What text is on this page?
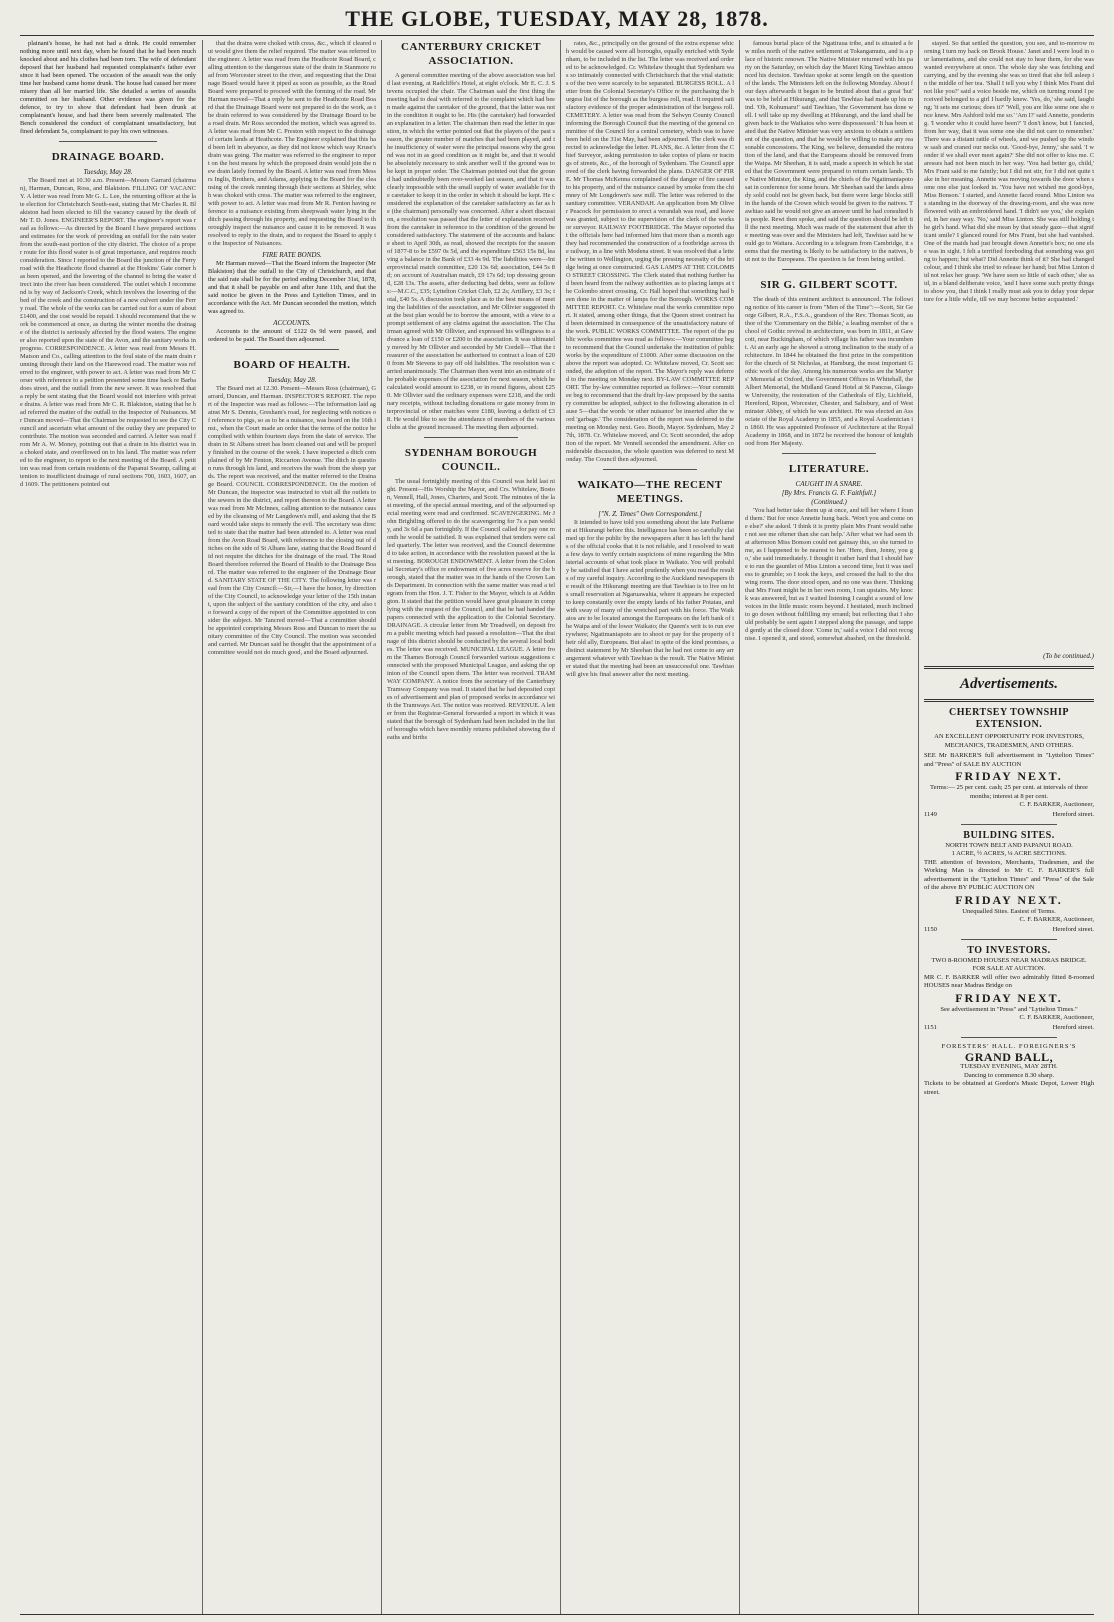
THE GLOBE, TUESDAY, MAY 28, 1878.
plainant's house, he had not had a drink. He could remember nothing more until next day, when he found that he had been much knocked about and his clothes had been torn. The wife of defendant deposed that her husband had requested complainant's father ever since it had been opened. The occasion of the assault was the only time her husband came home drunk. The house had caused her more misery than all her married life. She detailed a series of assaults committed on her husband. Other evidence was given for the defence, to try to show that defendant had been drunk at complainant's house, and had there been severely maltreated. The Bench considered the conduct of complainant unsatisfactory, but fined defendant 5s, complainant to pay his own witnesses.
DRAINAGE BOARD.
Tuesday, May 28.
The Board met at 10.30 a.m. Present—Messrs Garrard (chairman), Harman, Duncan, Ross, and Blakiston. FILLING OF VACANCY. A letter was read from Mr G. L. Lee, the returning officer at the late election for Christchurch South-east, stating that Mr Charles R. Blakiston had been elected to fill the vacancy caused by the death of Mr T. D. Jones. ENGINEER'S REPORT. The engineer's report was read as follows:—As directed by the Board I have prepared sections and estimates for the work of providing an outfall for the rain water from the south-east portion of the city district. The choice of a proper route for this flood water is of great importance, and requires much consideration. Since I reported to the Board the junction of the Ferry road with the Heathcote flood channel at the Hoskins' Gate corner has been opened, and the lowering of the channel to bring the water direct into the river has been considered. The outlet which I recommend is by way of Jackson's Creek, which involves the lowering of the bed of the creek and the construction of a new culvert under the Ferry road. The whole of the works can be carried out for a sum of about £1400, and the cost would be repaid. I should recommend that the work be commenced at once, as during the winter months the drainage of the district is seriously affected by the flood waters. The engineer also reported upon the state of the Avon, and the sanitary works in progress. CORRESPONDENCE. A letter was read from Messrs H. Matson and Co., calling attention to the foul state of the main drain running through their land on the Harewood road. The matter was referred to the engineer, with power to act. A letter was read from Mr Corser with reference to a petition presented some time back re Barbadoes street, and the outfall from the new sewer. It was resolved that a reply be sent stating that the Board would not interfere with private drains. A letter was read from Mr C. R. Blakiston, stating that he had referred the matter of the outfall to the Inspector of Nuisances. Mr Duncan moved—That the Chairman be requested to see the City Council and ascertain what amount of the outlay they are prepared to contribute. The motion was seconded and carried. A letter was read from Mr A. W. Money, pointing out that a drain in his district was in a choked state, and overflowed on to his land. The matter was referred to the engineer, to report to the next meeting of the Board. A petition was read from certain residents of the Papanui Swamp, calling attention to insufficient drainage of rural sections 700, 1603, 1607, and 1609. The petitioners pointed out
that the drains were choked with cress, &c., which if cleared out would give them the relief required. The matter was referred to the engineer. A letter was read from the Heathcote Road Board, calling attention to the dangerous state of the drain in Stanmore road from Worcester street to the river, and requesting that the Drainage Board would have it piped as soon as possible, as the Road Board were prepared to proceed with the forming of the road. Mr Harman moved—That a reply be sent to the Heathcote Road Board that the Drainage Board were not prepared to do the work, as the drain referred to was considered by the Drainage Board to be a road drain. Mr Ross seconded the motion, which was agreed to. A letter was read from Mr C. Preston with respect to the drainage of certain lands at Heathcote. The Engineer explained that this had been left in abeyance, as they did not know which way Kruse's drain was going. The matter was referred to the engineer to report on the best means by which the proposed drain would join the new drain lately formed by the Board. A letter was read from Messrs Inglis, Brothers, and Adams, applying to the Board for the cleansing of the creek running through their sections at Shirley, which was choked with cress. The matter was referred to the engineer, with power to act. A letter was read from Mr R. Fenton having reference to a nuisance existing from sheepwash water lying in the ditch passing through his property, and requesting the Board to thoroughly inspect the nuisance and cause it to be removed. It was resolved to reply to the drain, and to request the Board to apply to the Inspector of Nuisances.
FIRE RATE BONDS.
Mr Harman moved—That the Board inform the Inspector (Mr Blakiston) that the outfall to the City of Christchurch, and that the said rate shall be for the period ending December 31st, 1878, and that it shall be payable on and after June 11th, and that the said notice be given in the Press and Lyttelton Times, and in accordance with the Act. Mr Duncan seconded the motion, which was agreed to.
ACCOUNTS.
Accounts to the amount of £122 0s 9d were passed, and ordered to be paid. The Board then adjourned.
BOARD OF HEALTH.
Tuesday, May 28.
The Board met at 12.30. Present—Messrs Ross (chairman), Garrard, Duncan, and Harman. INSPECTOR'S REPORT. The report of the Inspector was read as follows:—The information laid against Mr S. Dennis, Gresham's road, for neglecting with notices of reference to pigs, so as to be a nuisance, was heard on the 16th inst., when the Court made an order that the terms of the notice be complied with within fourteen days from the date of service. The drain in St Albans street has been cleaned out and will be properly finished in the course of the week. I have inspected a ditch complained of by Mr Fenton, Riccarton Avenue. The ditch in question runs through his land, and receives the wash from the sheep yards. The report was received, and the matter referred to the Drainage Board. COUNCIL CORRESPONDENCE. On the motion of Mr Duncan, the inspector was instructed to visit all the outlets to the sewers in the district, and report thereon to the Board. A letter was read from Mr McInnes, calling attention to the nuisance caused by the cleansing of Mr Langdown's mill, and asking that the Board would take steps to remedy the evil. The secretary was directed to state that the matter had been attended to. A letter was read from the Avon Road Board, with reference to the closing out of ditches on the side of St Albans lane, stating that the Road Board did not require the ditches for the drainage of the road. The Road Board therefore referred the Board of Health to the Drainage Board. The matter was referred to the engineer of the Drainage Board. SANITARY STATE OF THE CITY. The following letter was read from the City Council:—Sir,—I have the honor, by direction of the City Council, to acknowledge your letter of the 15th instant, upon the subject of the sanitary condition of the city, and also to forward a copy of the report of the Committee appointed to consider the subject. Mr Tancred moved—That a committee should be appointed comprising Messrs Ross and Duncan to meet the sanitary committee of the City Council. The motion was seconded and carried. Mr Duncan said he thought that the appointment of a committee would not do much good, and the Board adjourned.
CANTERBURY CRICKET ASSOCIATION.
A general committee meeting of the above association was held last evening, at Radcliffe's Hotel, at eight o'clock. Mr E. C. J. Stevens occupied the chair. The Chairman said the first thing the meeting had to deal with referred to the complaint which had been made against the caretaker of the ground, that the latter was not in the condition it ought to be. His (the caretaker) had forwarded an explanation in a letter. The chairman then read the letter in question, in which the writer pointed out that the players of the past season, the greater number of matches that had been played, and the insufficiency of water were the principal reasons why the ground was not in as good condition as it might be, and that it would be absolutely necessary to sink another well if the ground was to be kept in proper order. The Chairman pointed out that the ground had undoubtedly been over-worked last season, and that it was clearly impossible with the small supply of water available for the caretaker to keep it in the order in which it should be kept. He considered the explanation of the caretaker satisfactory as far as he (the chairman) personally was concerned. After a short discussion, a resolution was passed that the letter of explanation received from the caretaker in reference to the condition of the ground be considered satisfactory. The statement of the accounts and balance sheet to April 30th, as read, showed the receipts for the season of 1877-8 to be £597 0s 5d, and the expenditure £563 15s 8d, leaving a balance in the Bank of £33 4s 9d. The liabilities were—Interprovincial match committee, £20 13s 6d; association, £44 5s 8d; on account of Australian match, £9 17s 6d; top dressing ground, £28 13s. The assets, after deducting bad debts, were as follows:—M.C.C., £35; Lyttelton Cricket Club, £2 2s; Artillery, £3 3s; total, £40 5s. A discussion took place as to the best means of meeting the liabilities of the association, and Mr Ollivier suggested that the best plan would be to borrow the amount, with a view to a prompt settlement of any claims against the association. The Chairman agreed with Mr Ollivier, and expressed his willingness to advance a loan of £150 or £200 to the association. It was ultimately moved by Mr Ollivier and seconded by Mr Cordell—That the treasurer of the association be authorised to contract a loan of £200 from Mr Stevens to pay off old liabilities. The resolution was carried unanimously. The Chairman then went into an estimate of the probable expenses of the association for next season, which he calculated would amount to £238, or in round figures, about £250. Mr Ollivier said the ordinary expenses were £218, and the ordinary receipts, without including donations or gate money from interprovincial or other matches were £180, leaving a deficit of £38. He would like to see the attendance of members of the various clubs at the ground increased. The meeting then adjourned.
SYDENHAM BOROUGH COUNCIL.
The usual fortnightly meeting of this Council was held last night. Present—His Worship the Mayor, and Crs. Whitelaw, Boston, Vennell, Hall, Jones, Charters, and Scott. The minutes of the last meeting, of the special annual meeting, and of the adjourned special meeting were read and confirmed. SCAVENGERING. Mr John Brightling offered to do the scavengering for 7s a pan weekly, and 3s 6d a pan fortnightly. If the Council called for pay one month he would be satisfied. It was explained that tenders were called quarterly. The letter was received, and the Council determined to take action, in accordance with the resolution passed at the last meeting. BOROUGH ENDOWMENT. A letter from the Colonial Secretary's office re endowment of five acres reserve for the borough, stated that the matter was in the hands of the Crown Lands Department. In connection with the same matter was read a telegram from the Hon. J. T. Fisher to the Mayor, which is at Addington. It stated that the petition would have great pleasure in complying with the request of the Council, and that he had handed the papers connected with the application to the Colonial Secretary. DRAINAGE. A circular letter from Mr Treadwell, on deposit from a public meeting which had passed a resolution—That the drainage of this district should be conducted by the several local bodies. The letter was received. MUNICIPAL LEAGUE. A letter from the Thames Borough Council forwarded various suggestions connected with the proposed Municipal League, and asking the opinion of the Council upon them. The letter was received. TRAMWAY COMPANY. A notice from the secretary of the Canterbury Tramway Company was read. It stated that he had deposited copies of advertisement and plan of proposed works in accordance with the Tramways Act. The notice was received. REVENUE. A letter from the Registrar-General forwarded a report in which it was stated that the borough of Sydenham had been included in the list of boroughs which have monthly returns published showing the deaths and births
rates, &c., principally on the ground of the extra expense which would be caused were all boroughs, equally enriched with Sydenham, to be included in the list. The letter was received and ordered to be acknowledged. Cr. Whitelaw thought that Sydenham was so intimately connected with Christchurch that the vital statistics of the two were scarcely to be separated. BURGESS ROLL. A letter from the Colonial Secretary's Office re the purchasing the burgess list of the borough as the burgess roll, read. It required satisfactory evidence of the proper administration of the burgess roll. CEMETERY. A letter was read from the Selwyn County Council informing the Borough Council that the meeting of the general committee of the Council for a central cemetery, which was to have been held on the 31st May, had been adjourned. The clerk was directed to acknowledge the letter. PLANS, &c. A letter from the Chief Surveyor, asking permission to take copies of plans or tracings of streets, &c., of the borough of Sydenham. The Council approved of the clerk having forwarded the plans. DANGER OF FIRE. Mr Thomas McKenna complained of the danger of fire caused to his property, and of the nuisance caused by smoke from the chimney of Mr Longdown's saw mill. The letter was referred to the sanitary committee. VERANDAH. An application from Mr Oliver Peacock for permission to erect a verandah was read, and leave was granted, subject to the supervision of the clerk of the works or surveyor. RAILWAY FOOTBRIDGE. The Mayor reported that the officials here had informed him that more than a month ago they had recommended the construction of a footbridge across the railway, in a line with Modena street. It was resolved that a letter be written to Wellington, urging the pressing necessity of the bridge being at once constructed. GAS LAMPS AT THE COLOMBO STREET CROSSING. The Clerk stated that nothing further had been heard from the railway authorities as to placing lamps at the Colombo street crossing. Cr. Hall hoped that something had been done in the matter of lamps for the Borough. WORKS COMMITTEE REPORT. Cr. Whitelaw read the works committee report. It stated, among other things, that the Queen street contract had been determined in consequence of the unsatisfactory nature of the work. PUBLIC WORKS COMMITTEE. The report of the public works committee was read as follows:—Your committee beg to recommend that the Council undertake the institution of public works by the expenditure of £1000. After some discussion on the above the report was adopted. Cr. Whitelaw moved, Cr. Scott seconded, the adoption of the report. The Mayor's reply was deferred to the meeting on Monday next. BY-LAW COMMITTEE REPORT. The by-law committee reported as follows:—Your committee beg to recommend that the draft by-law proposed by the sanitary committee be adopted, subject to the following alteration in clause 5—that the words 'or other nuisance' be inserted after the word 'garbage.' The consideration of the report was deferred to the meeting on Monday next. Geo. Booth, Mayor. Sydenham, May 27th, 1878. Cr. Whitelaw moved, and Cr. Scott seconded, the adoption of the report. Mr Vennell seconded the amendment. After considerable discussion, the whole question was deferred to next Monday. The Council then adjourned.
WAIKATO—THE RECENT MEETINGS.
["N. Z. Times" Own Correspondent.]
It intended to have told you something about the late Parliament at Hikurangi before this. Intelligence has been so carefully claimed up for the public by the newspapers after it has left the hands of the official cooks that it is not reliable, and I resolved to wait a few days to verify certain suspicions of mine regarding the Ministerial accounts of what took place in Waikato. You will probably be satisfied that I have acted prudently when you read the results of my careful inquiry. According to the Auckland newspapers the result of the Hikurangi meeting are that Tawhiao is to live on his small reservation at Ngaruawahia, where it appears he expected to keep constantly over the empty lands of his father Potatau, and with sway of many of the wretched part with his force. The Waikatos are to be located amongst the Europeans on the left bank of the Waipa and of the lower Waikato; the Queen's writ is to run everywhere; Ngatimaniapoto are to shoot or pay for the property of their old ally, Europeans. But alas! in spite of the kind promises, a distinct statement by Mr Sheehan that he had not come to any arrangement whatever with Tawhiao is the result. The Native Minister stated that the meeting had been an unsuccessful one. Tawhiao will give his final answer after the next meeting.
famous burial place of the Ngatiraua tribe, and is situated a few miles north of the native settlement at Tokangamutu, and is a place of historic renown. The Native Minister returned with his party on the Saturday, on which day the Maori King Tawhiao announced his decision. Tawhiao spoke at some length on the question of the lands. The Ministers left on the following Monday. About four days afterwards it began to be bruited about that a great 'hui' was to be held at Hikurangi, and that Tawhiao had made up his mind. 'Oh, Kohumaru!' said Tawhiao, 'the Government has done well. I will take up my dwelling at Hikurangi, and the land shall be given back to the Waikatos who were dispossessed.' It has been stated that the Native Minister was very anxious to obtain a settlement of the question, and that he would be willing to make any reasonable concessions. The King, we believe, demanded the restoration of the land, and that the Europeans should be removed from the Waipa. Mr Sheehan, it is said, made a speech in which he stated that the Government were prepared to return certain lands. The Native Minister, the King, and the chiefs of the Ngatimaniapoto sat in conference for some hours. Mr Sheehan said the lands already sold could not be given back, but there were large blocks still in the hands of the Crown which would be given to the natives. Tawhiao said he would not give an answer until he had consulted his people. Rewi then spoke, and said the question should be left till the next meeting. Much was made of the statement that after the meeting was over and the Ministers had left, Tawhiao said he would go to Waitara. According to a telegram from Cambridge, it seems that the meeting is likely to be satisfactory to the natives, but not to the Europeans. The question is far from being settled.
SIR G. GILBERT SCOTT.
The death of this eminent architect is announced. The following notice of his career is from "Men of the Time":—Scott, Sir George Gilbert, R.A., F.S.A., grandson of the Rev. Thomas Scott, author of the 'Commentary on the Bible,' a leading member of the school of Gothic revival in architecture, was born in 1811, at Gawcott, near Buckingham, of which village his father was incumbent. At an early age he showed a strong inclination to the study of architecture. In 1844 he obtained the first prize in the competition for the church of St Nicholas, at Hamburg, the most important Gothic work of the day. Among his numerous works are the Martyrs' Memorial at Oxford, the Government Offices in Whitehall, the Albert Memorial, the Midland Grand Hotel at St Pancras, Glasgow University, the restoration of the Cathedrals of Ely, Lichfield, Hereford, Ripon, Worcester, Chester, and Salisbury, and of Westminster Abbey, of which he was architect. He was elected an Associate of the Royal Academy in 1855, and a Royal Academician in 1860. He was appointed Professor of Architecture at the Royal Academy in 1868, and in 1872 he received the honour of knighthood from Her Majesty.
LITERATURE.
CAUGHT IN A SNARE.
[By Mrs. Francis G. F. Faithfull.]
(Continued.)
'You had better take them up at once, and tell her where I found them.' But for once Annette hung back. 'Won't you and come one else?' she asked. 'I think it is pretty plain Mrs Frant would rather not see me oftener than she can help.' After what we had seen that afternoon Miss Bonson could not gainsay this, so she turned to me, as I happened to be nearest to her. 'Here, then, Jenny, you go,' she said immediately. I thought it rather hard that I should have to run the gauntlet of Miss Linton a second time, but it was useless to grumble; so I took the keys, and crossed the hall to the drawing room. The door stood open, and no one was there. Thinking that Mrs Frant might be in her own room, I ran upstairs. My knock was answered, but as I waited listening I caught a sound of low voices in the little music room beyond. I hesitated, much inclined to go down without fulfilling my errand; but reflecting that I should probably be sent again I stepped along the passage, and tapped gently at the closed door. 'Come in,' said a voice I did not recognise. I opened it, and stood, somewhat abashed, on the threshold.
stayed. So that settled the question, you see, and to-morrow morning I turn my back on Brook House.' Janet and I were loud in our lamentations, and she could not stay to hear them, for she was wanted everywhere at once. The whole day she was fetching and carrying, and by the evening she was so tired that she fell asleep in the middle of her tea. 'Shall I tell you why I think Mrs Frant did not like you?' said a voice beside me, which on turning round I perceived belonged to a girl I hardly knew. 'Yes, do,' she said, laughing; 'it sets me curious; does it?' 'Well, you are like some one she once knew. Mrs Ashford told me so.' 'Am I?' said Annette, pondering. 'I wonder who it could have been?' 'I don't know, but I fancied, from her way, that it was some one she did not care to remember.' There was a distant rattle of wheels, and we pushed up the window sash and craned our necks out. 'Good-bye, Jenny,' she said. 'I wonder if we shall ever meet again?' She did not offer to kiss me. Caresses had not been much in her way. 'You had better go, child,' Mrs Frant said to me faintly; but I did not stir, for I did not quite take in her meaning. Annette was moving towards the door when some one else just looked in. 'You have not wished me good-bye, Miss Bonson.' I started, and Annette faced round. Miss Linton was standing in the doorway of the drawing-room, and she was now flowered with an embroidered hand. 'I didn't see you,' she explained, in her easy way. 'No,' said Miss Linton. She was still holding the girl's hand. What did she mean by that steady gaze—that significant smile? I glanced round for Mrs Frant, but she had vanished. One of the maids had just brought down Annette's box; no one else was in sight. I felt a terrified foreboding that something was going to happen; but what? Did Annette think of it? She had changed colour, and I think she tried to release her hand; but Miss Linton did not relax her grasp. 'We have seen so little of each other,' she said, in a bland deliberate voice, 'and I have some such pretty things to show you, that I think I really must ask you to delay your departure for a little while, till we may become better acquainted.'
(To be continued.)
Advertisements.
CHERTSEY TOWNSHIP EXTENSION.
AN EXCELLENT OPPORTUNITY FOR INVESTORS, MECHANICS, TRADESMEN, AND OTHERS.
SEE Mr BARKER'S full advertisement in "Lyttelton Times" and "Press" of SALE BY AUCTION
FRIDAY NEXT.
Terms:— 25 per cent. cash; 25 per cent. at intervals of three months; interest at 8 per cent.
C. F. BARKER, Auctioneer,
1149	Hereford street.
BUILDING SITES.
NORTH TOWN BELT AND PAPANUI ROAD.
1 ACRE, ½ ACRES, ¼ ACRE SECTIONS.
THE attention of Investors, Merchants, Tradesmen, and the Working Man is directed to Mr C. F. BARKER'S full advertisement in the "Lyttelton Times" and "Press" of the Sale of the above BY PUBLIC AUCTION ON
FRIDAY NEXT.
Unequalled Sites. Easiest of Terms.
C. F. BARKER, Auctioneer,
1150	Hereford street.
TO INVESTORS.
TWO 8-ROOMED HOUSES NEAR MADRAS BRIDGE.
FOR SALE AT AUCTION.
MR C. F. BARKER will offer two admirably fitted 8-roomed HOUSES near Madras Bridge on
FRIDAY NEXT.
See advertisement in "Press" and "Lyttelton Times."
C. F. BARKER, Auctioneer,
1151	Hereford street.
FORESTERS' HALL. FOREIGNERS'S
GRAND BALL,
TUESDAY EVENING, MAY 28TH.
Dancing to commence 8.30 sharp.
Tickets to be obtained at Gordon's Music Depot, Lower High street.
